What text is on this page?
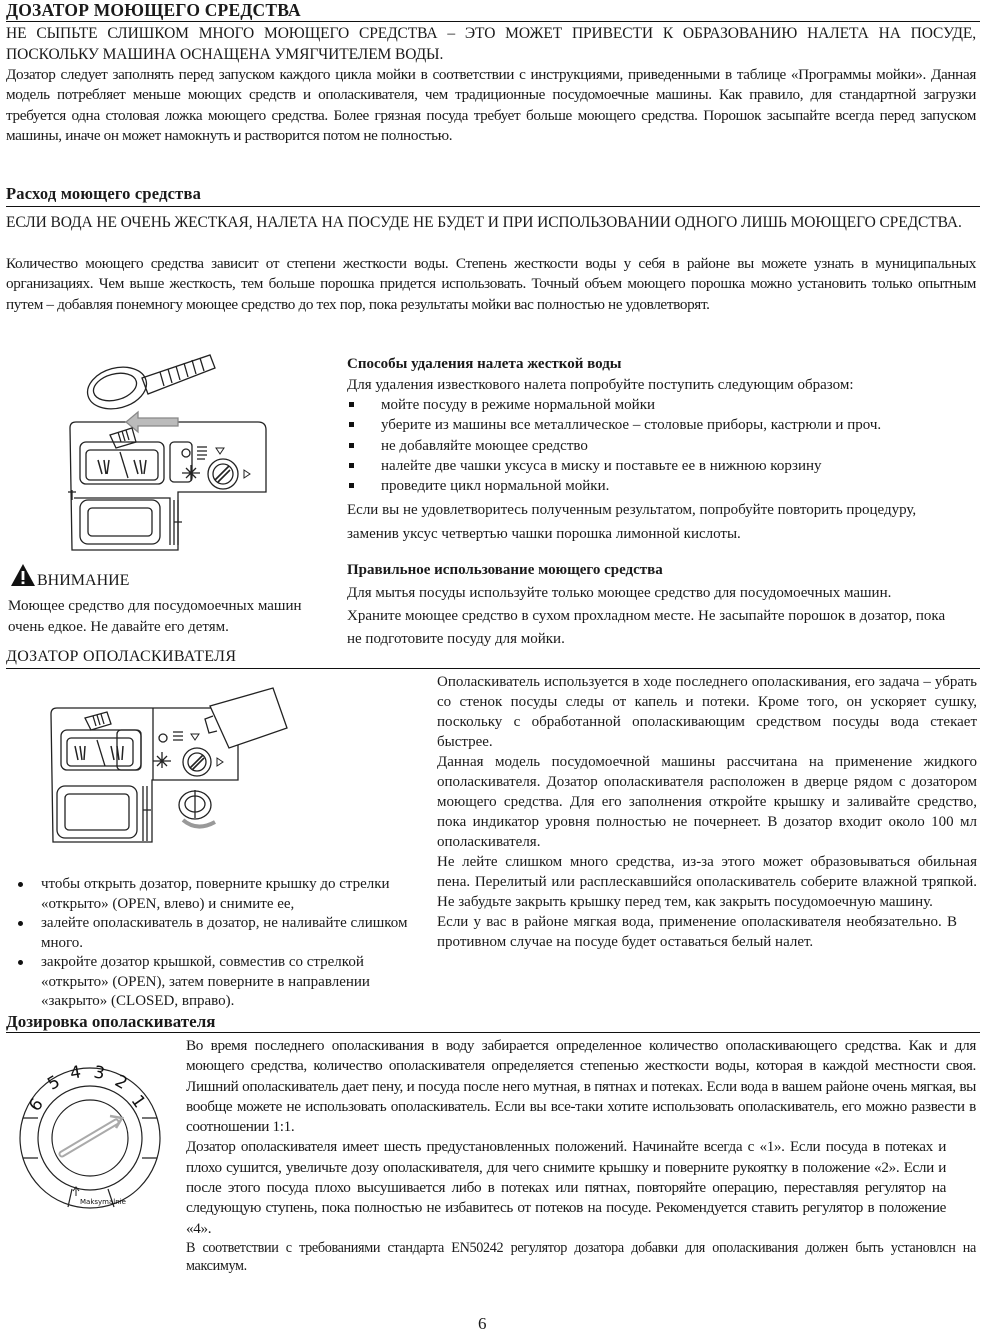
ДОЗАТОР МОЮЩЕГО СРЕДСТВА

НЕ СЫПЬТЕ СЛИШКОМ МНОГО МОЮЩЕГО СРЕДСТВА – ЭТО МОЖЕТ ПРИВЕСТИ К ОБРАЗОВАНИЮ НАЛЕТА НА ПОСУДЕ, ПОСКОЛЬКУ МАШИНА ОСНАЩЕНА УМЯГЧИТЕЛЕМ ВОДЫ.

Дозатор следует заполнять перед запуском каждого цикла мойки в соответствии с инструкциями, приведенными в таблице «Программы мойки». Данная модель потребляет меньше моющих средств и ополаскивателя, чем традиционные посудомоечные машины. Как правило, для стандартной загрузки требуется одна столовая ложка моющего средства. Более грязная посуда требует больше моющего средства. Порошок засыпайте всегда перед запуском машины, иначе он может намокнуть и растворится потом не полностью.

Расход моющего средства

ЕСЛИ ВОДА НЕ ОЧЕНЬ ЖЕСТКАЯ, НАЛЕТА НА ПОСУДЕ НЕ БУДЕТ И ПРИ ИСПОЛЬЗОВАНИИ ОДНОГО ЛИШЬ МОЮЩЕГО СРЕДСТВА.

Количество моющего средства зависит от степени жесткости воды. Степень жесткости воды у себя в районе вы можете узнать в муниципальных организациях. Чем выше жесткость, тем больше порошка придется использовать. Точный объем моющего порошка можно установить только опытным путем – добавляя понемногу моющее средство до тех пор, пока результаты мойки вас полностью не удовлетворят.

Способы удаления налета жесткой воды
Для удаления известкового налета попробуйте поступить следующим образом:
мойте посуду в режиме нормальной мойки
уберите из машины все металлическое – столовые приборы, кастрюли и проч.
не добавляйте моющее средство
налейте две чашки уксуса в миску и поставьте ее в нижнюю корзину
проведите цикл нормальной мойки.

Если вы не удовлетворитесь полученным результатом, попробуйте повторить процедуру, заменив уксус четвертью чашки порошка лимонной кислоты.

ВНИМАНИЕ

Моющее средство для посудомоечных машин очень едкое. Не давайте его детям.

Правильное использование моющего средства

Для мытья посуды используйте только моющее средство для посудомоечных машин. Храните моющее средство в сухом прохладном месте. Не засыпайте порошок в дозатор, пока не подготовите посуду для мойки.

ДОЗАТОР ОПОЛАСКИВАТЕЛЯ

Ополаскиватель используется в ходе последнего ополаскивания, его задача – убрать со стенок посуды следы от капель и потеки. Кроме того, он ускоряет сушку, поскольку с обработанной ополаскивающим средством посуды вода стекает быстрее.

Данная модель посудомоечной машины рассчитана на применение жидкого ополаскивателя. Дозатор ополаскивателя расположен в дверце рядом с дозатором моющего средства. Для его заполнения откройте крышку и заливайте средство, пока индикатор уровня полностью не почернеет. В дозатор входит около 100 мл ополаскивателя.

Не лейте слишком много средства, из-за этого может образовываться обильная пена. Перелитый или расплескавшийся ополаскиватель соберите влажной тряпкой. Не забудьте закрыть крышку перед тем, как закрыть посудомоечную машину.

Если у вас в районе мягкая вода, применение ополаскивателя необязательно. В противном случае на посуде будет оставаться белый налет.

чтобы открыть дозатор, поверните крышку до стрелки «открыто» (OPEN, влево) и снимите ее,
залейте ополаскиватель в дозатор, не наливайте слишком много.
закройте дозатор крышкой, совместив со стрелкой «открыто» (OPEN), затем поверните в направлении «закрыто» (CLOSED, вправо).
Дозировка ополаскивателя
6
5 4 3 2
1
Maksymalnie

Во время последнего ополаскивания в воду забирается определенное количество ополаскивающего средства. Как и для моющего средства, количество ополаскивателя определяется степенью жесткости воды, которая в каждой местности своя. Лишний ополаскиватель дает пену, и посуда после него мутная, в пятнах и потеках. Если вода в вашем районе очень мягкая, вы вообще можете не использовать ополаскиватель. Если вы все-таки хотите использовать ополаскиватель, его можно развести в соотношении 1:1.

Дозатор ополаскивателя имеет шесть предустановленных положений. Начинайте всегда с «1». Если посуда в потеках и плохо сушится, увеличьте дозу ополаскивателя, для чего снимите крышку и поверните рукоятку в положение «2». Если и после этого посуда плохо высушивается либо в потеках или пятнах, повторяйте операцию, переставляя регулятор на следующую ступень, пока полностью не избавитесь от потеков на посуде. Рекомендуется ставить регулятор в положение «4».

В соответствии с требованиями стандарта EN50242 регулятор дозатора добавки для ополаскивания должен быть установлсн на максимум.

6
